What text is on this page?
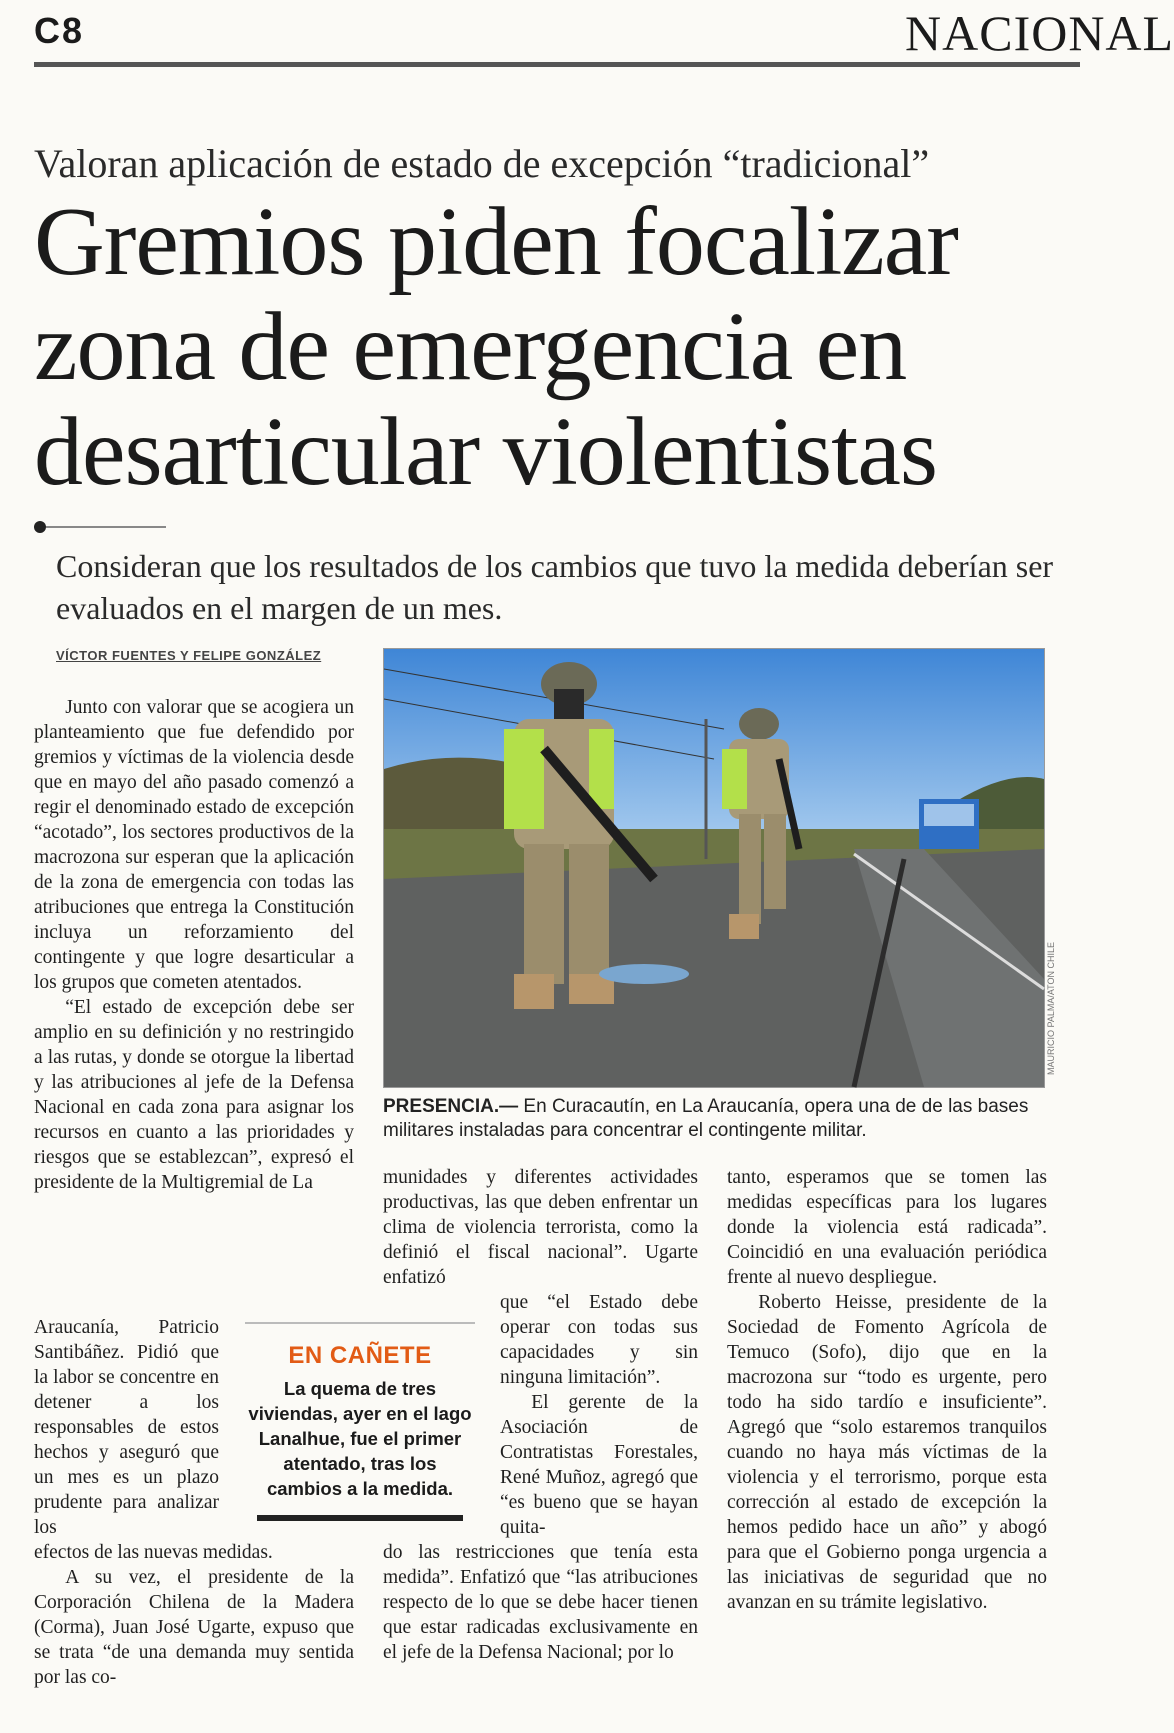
C8	NACIONAL
Valoran aplicación de estado de excepción “tradicional”
Gremios piden focalizar zona de emergencia en desarticular violentistas
Consideran que los resultados de los cambios que tuvo la medida deberían ser evaluados en el margen de un mes.
VÍCTOR FUENTES Y FELIPE GONZÁLEZ

Junto con valorar que se acogiera un planteamiento que fue defendido por gremios y víctimas de la violencia desde que en mayo del año pasado comenzó a regir el denominado estado de excepción “acotado”, los sectores productivos de la macrozona sur esperan que la aplicación de la zona de emergencia con todas las atribuciones que entrega la Constitución incluya un reforzamiento del contingente y que logre desarticular a los grupos que cometen atentados.

“El estado de excepción debe ser amplio en su definición y no restringido a las rutas, y donde se otorgue la libertad y las atribuciones al jefe de la Defensa Nacional en cada zona para asignar los recursos en cuanto a las prioridades y riesgos que se establezcan”, expresó el presidente de la Multigremial de La

Araucanía, Patricio Santibáñez. Pidió que la labor se concentre en detener a los responsables de estos hechos y aseguró que un mes es un plazo prudente para analizar los

efectos de las nuevas medidas.

A su vez, el presidente de la Corporación Chilena de la Madera (Corma), Juan José Ugarte, expuso que se trata “de una demanda muy sentida por las co-

MAURICIO PALMA/ATON CHILE
PRESENCIA.— En Curacautín, en La Araucanía, opera una de de las bases militares instaladas para concentrar el contingente militar.
EN CAÑETE
La quema de tres viviendas, ayer en el lago Lanalhue, fue el primer atentado, tras los cambios a la medida.

munidades y diferentes actividades productivas, las que deben enfrentar un clima de violencia terrorista, como la definió el fiscal nacional”. Ugarte enfatizó

que “el Estado debe operar con todas sus capacidades y sin ninguna limitación”.

El gerente de la Asociación de Contratistas Forestales, René Muñoz, agregó que “es bueno que se hayan quita-

do las restricciones que tenía esta medida”. Enfatizó que “las atribuciones respecto de lo que se debe hacer tienen que estar radicadas exclusivamente en el jefe de la Defensa Nacional; por lo

tanto, esperamos que se tomen las medidas específicas para los lugares donde la violencia está radicada”. Coincidió en una evaluación periódica frente al nuevo despliegue.

Roberto Heisse, presidente de la Sociedad de Fomento Agrícola de Temuco (Sofo), dijo que en la macrozona sur “todo es urgente, pero todo ha sido tardío e insuficiente”. Agregó que “solo estaremos tranquilos cuando no haya más víctimas de la violencia y el terrorismo, porque esta corrección al estado de excepción la hemos pedido hace un año” y abogó para que el Gobierno ponga urgencia a las iniciativas de seguridad que no avanzan en su trámite legislativo.
